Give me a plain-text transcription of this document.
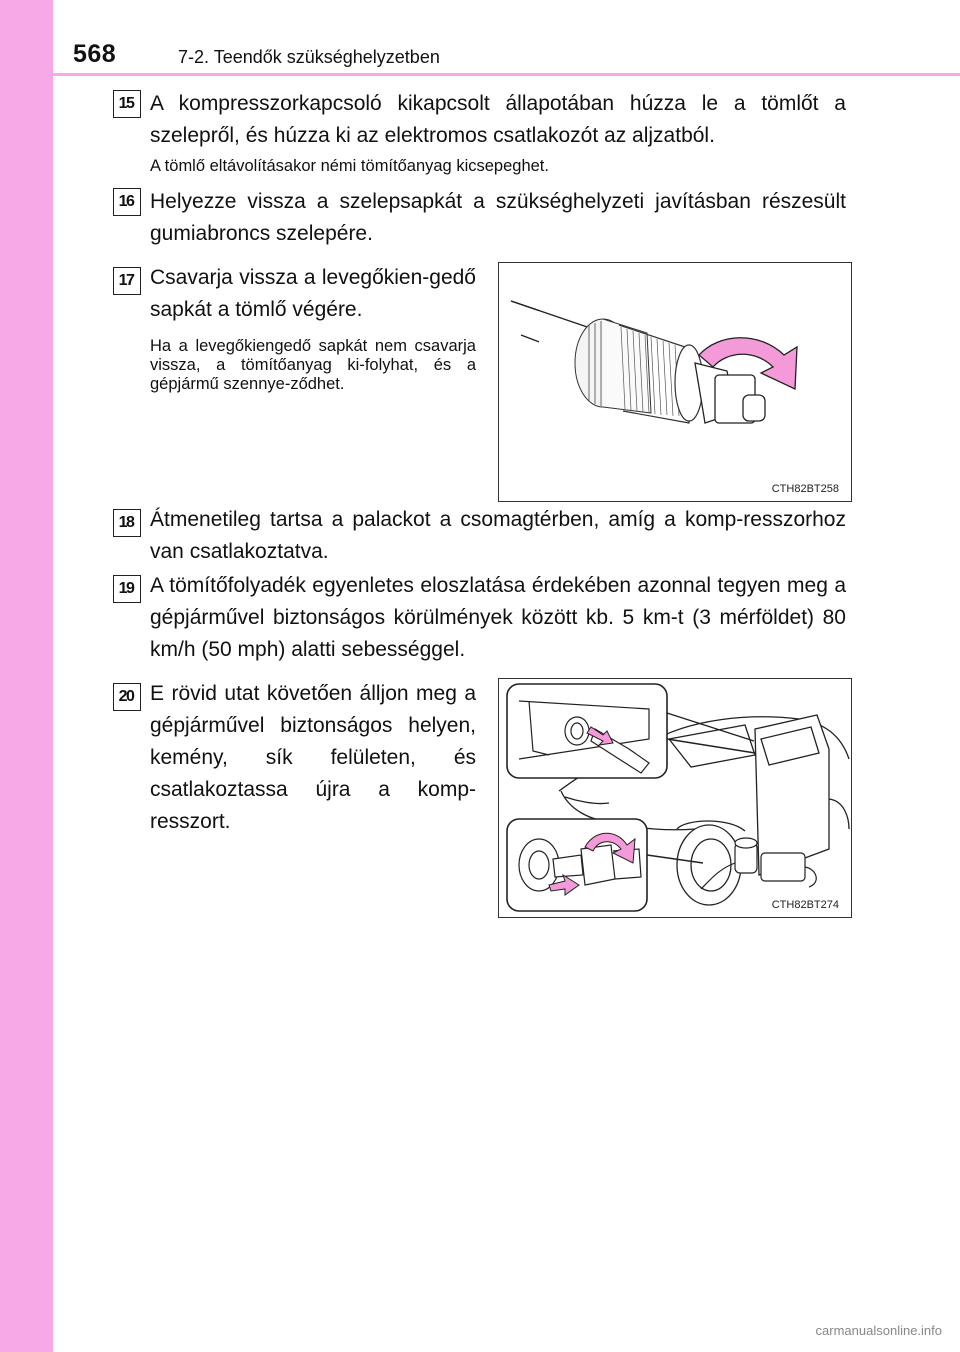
568	7-2. Teendők szükséghelyzetben
15 A kompresszorkapcsoló kikapcsolt állapotában húzza le a tömlőt a szelepről, és húzza ki az elektromos csatlakozót az aljzatból.
A tömlő eltávolításakor némi tömítőanyag kicsepeghet.
16 Helyezze vissza a szelepsapkát a szükséghelyzeti javításban részesült gumiabroncs szelepére.
17 Csavarja vissza a levegőkien-gedő sapkát a tömlő végére.
Ha a levegőkiengedő sapkát nem csavarja vissza, a tömítőanyag ki-folyhat, és a gépjármű szennye-ződhet.
CTH82BT258
18 Átmenetileg tartsa a palackot a csomagtérben, amíg a komp-resszorhoz van csatlakoztatva.
19 A tömítőfolyadék egyenletes eloszlatása érdekében azonnal tegyen meg a gépjárművel biztonságos körülmények között kb. 5 km-t (3 mérföldet) 80 km/h (50 mph) alatti sebességgel.
20 E rövid utat követően álljon meg a gépjárművel biztonságos helyen, kemény, sík felületen, és csatlakoztassa újra a komp-resszort.
CTH82BT274
carmanualsonline.info
